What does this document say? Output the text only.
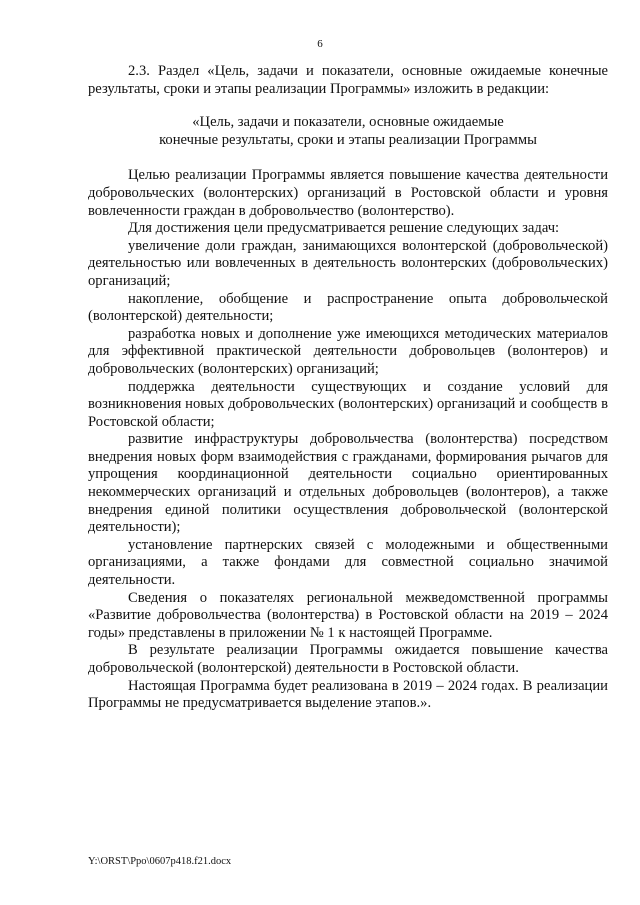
6

2.3. Раздел «Цель, задачи и показатели, основные ожидаемые конечные результаты, сроки и этапы реализации Программы» изложить в редакции:

«Цель, задачи и показатели, основные ожидаемые
конечные результаты, сроки и этапы реализации Программы

Целью реализации Программы является повышение качества деятельности добровольческих (волонтерских) организаций в Ростовской области и уровня вовлеченности граждан в добровольчество (волонтерство).

Для достижения цели предусматривается решение следующих задач:

увеличение доли граждан, занимающихся волонтерской (добровольческой) деятельностью или вовлеченных в деятельность волонтерских (добровольческих) организаций;

накопление, обобщение и распространение опыта добровольческой (волонтерской) деятельности;

разработка новых и дополнение уже имеющихся методических материалов для эффективной практической деятельности добровольцев (волонтеров) и добровольческих (волонтерских) организаций;

поддержка деятельности существующих и создание условий для возникновения новых добровольческих (волонтерских) организаций и сообществ в Ростовской области;

развитие инфраструктуры добровольчества (волонтерства) посредством внедрения новых форм взаимодействия с гражданами, формирования рычагов для упрощения координационной деятельности социально ориентированных некоммерческих организаций и отдельных добровольцев (волонтеров), а также внедрения единой политики осуществления добровольческой (волонтерской деятельности);

установление партнерских связей с молодежными и общественными организациями, а также фондами для совместной социально значимой деятельности.

Сведения о показателях региональной межведомственной программы «Развитие добровольчества (волонтерства) в Ростовской области на 2019 – 2024 годы» представлены в приложении № 1 к настоящей Программе.

В результате реализации Программы ожидается повышение качества добровольческой (волонтерской) деятельности в Ростовской области.

Настоящая Программа будет реализована в 2019 – 2024 годах. В реализации Программы не предусматривается выделение этапов.».

Y:\ORST\Ppo\0607p418.f21.docx
